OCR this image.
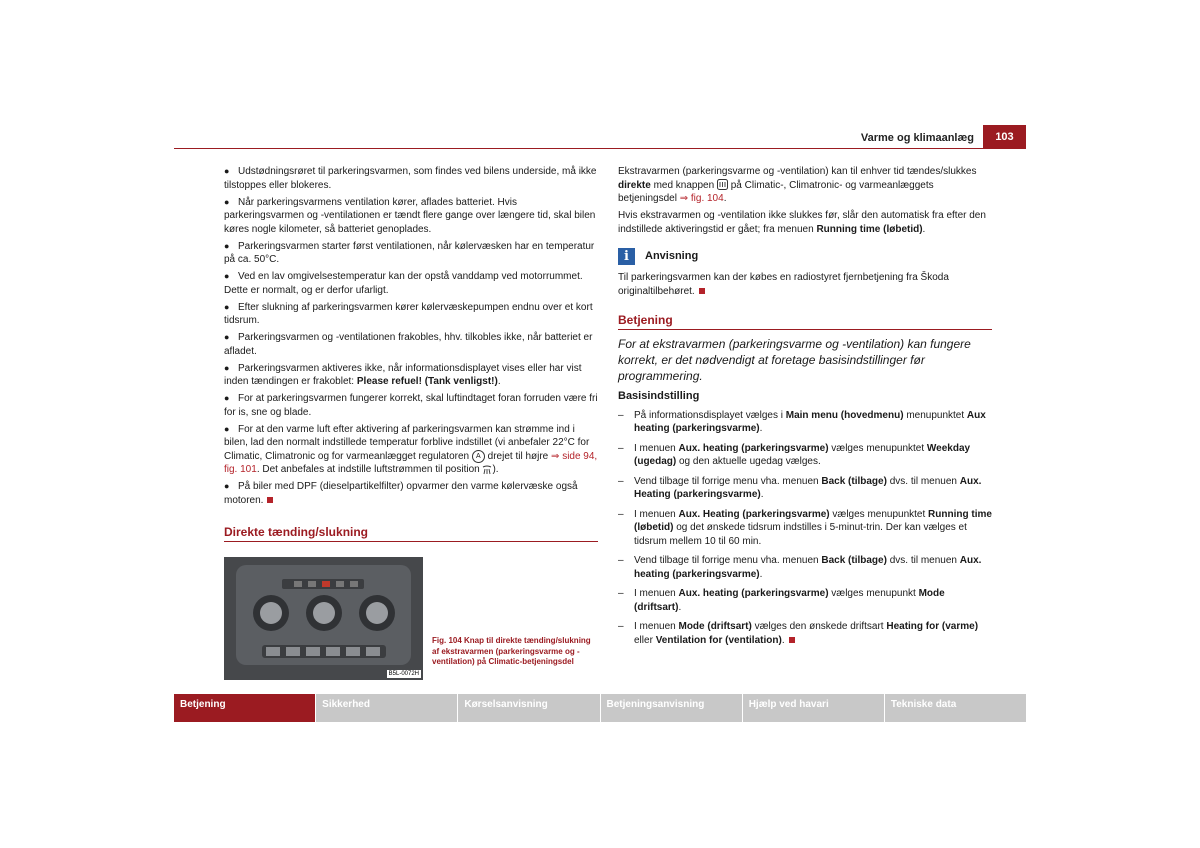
Varme og klimaanlæg	103
● Udstødningsrøret til parkeringsvarmen, som findes ved bilens underside, må ikke tilstoppes eller blokeres.
● Når parkeringsvarmens ventilation kører, aflades batteriet. Hvis parkeringsvarmen og -ventilationen er tændt flere gange over længere tid, skal bilen køres nogle kilometer, så batteriet genoplades.
● Parkeringsvarmen starter først ventilationen, når kølervæsken har en temperatur på ca. 50°C.
● Ved en lav omgivelsestemperatur kan der opstå vanddamp ved motorrummet. Dette er normalt, og er derfor ufarligt.
● Efter slukning af parkeringsvarmen kører kølervæskepumpen endnu over et kort tidsrum.
● Parkeringsvarmen og -ventilationen frakobles, hhv. tilkobles ikke, når batteriet er afladet.
● Parkeringsvarmen aktiveres ikke, når informationsdisplayet vises eller har vist inden tændingen er frakoblet: Please refuel! (Tank venligst!).
● For at parkeringsvarmen fungerer korrekt, skal luftindtaget foran forruden være fri for is, sne og blade.
● For at den varme luft efter aktivering af parkeringsvarmen kan strømme ind i bilen, lad den normalt indstillede temperatur forblive indstillet (vi anbefaler 22°C for Climatic, Climatronic og for varmeanlægget regulatoren A drejet til højre ⇒ side 94, fig. 101. Det anbefales at indstille luftstrømmen til position ).
● På biler med DPF (dieselpartikelfilter) opvarmer den varme kølervæske også motoren.
Direkte tænding/slukning
B5L-0072H
Fig. 104 Knap til direkte tænding/slukning af ekstravarmen (parkeringsvarme og -ventilation) på Climatic-betjeningsdel
Ekstravarmen (parkeringsvarme og -ventilation) kan til enhver tid tændes/slukkes direkte med knappen  på Climatic-, Climatronic- og varmeanlæggets betjeningsdel ⇒ fig. 104.
Hvis ekstravarmen og -ventilation ikke slukkes før, slår den automatisk fra efter den indstillede aktiveringstid er gået; fra menuen Running time (løbetid).
i	Anvisning
Til parkeringsvarmen kan der købes en radiostyret fjernbetjening fra Škoda originaltilbehøret.
Betjening
For at ekstravarmen (parkeringsvarme og -ventilation) kan fungere korrekt, er det nødvendigt at foretage basisindstillinger før programmering.
Basisindstilling
–	På informationsdisplayet vælges i Main menu (hovedmenu) menupunktet Aux heating (parkeringsvarme).
–	I menuen Aux. heating (parkeringsvarme) vælges menupunktet Weekday (ugedag) og den aktuelle ugedag vælges.
–	Vend tilbage til forrige menu vha. menuen Back (tilbage) dvs. til menuen Aux. Heating (parkeringsvarme).
–	I menuen Aux. Heating (parkeringsvarme) vælges menupunktet Running time (løbetid) og det ønskede tidsrum indstilles i 5-minut-trin. Der kan vælges et tidsrum mellem 10 til 60 min.
–	Vend tilbage til forrige menu vha. menuen Back (tilbage) dvs. til menuen Aux. heating (parkeringsvarme).
–	I menuen Aux. heating (parkeringsvarme) vælges menupunkt Mode (driftsart).
–	I menuen Mode (driftsart) vælges den ønskede driftsart Heating for (varme) eller Ventilation for (ventilation).
Betjening	Sikkerhed	Kørselsanvisning	Betjeningsanvisning	Hjælp ved havari	Tekniske data
